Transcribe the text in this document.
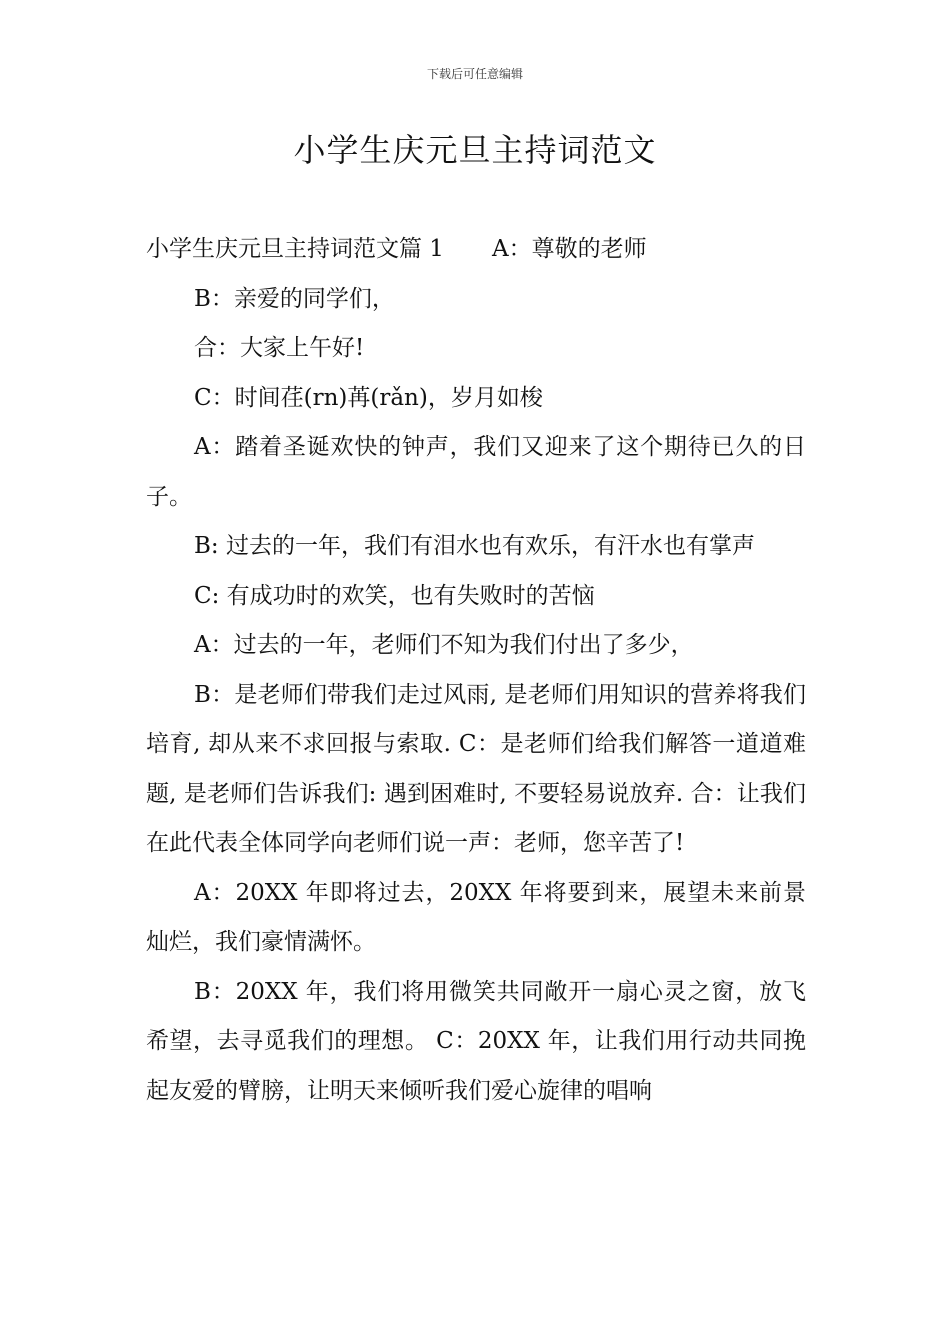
下载后可任意编辑
小学生庆元旦主持词范文

小学生庆元旦主持词范文篇 1 A：尊敬的老师

B：亲爱的同学们，

合：大家上午好!

C：时间荏(rn)苒(rǎn)，岁月如梭

A：踏着圣诞欢快的钟声，我们又迎来了这个期待已久的日子。

B: 过去的一年，我们有泪水也有欢乐，有汗水也有掌声

C: 有成功时的欢笑，也有失败时的苦恼

A：过去的一年，老师们不知为我们付出了多少，

B：是老师们带我们走过风雨, 是老师们用知识的营养将我们培育, 却从来不求回报与索取. C：是老师们给我们解答一道道难题, 是老师们告诉我们: 遇到困难时, 不要轻易说放弃. 合：让我们在此代表全体同学向老师们说一声：老师，您辛苦了!

A：20XX 年即将过去，20XX 年将要到来，展望未来前景灿烂，我们豪情满怀。

B：20XX 年，我们将用微笑共同敞开一扇心灵之窗，放飞希望，去寻觅我们的理想。 C：20XX 年，让我们用行动共同挽起友爱的臂膀，让明天来倾听我们爱心旋律的唱响
